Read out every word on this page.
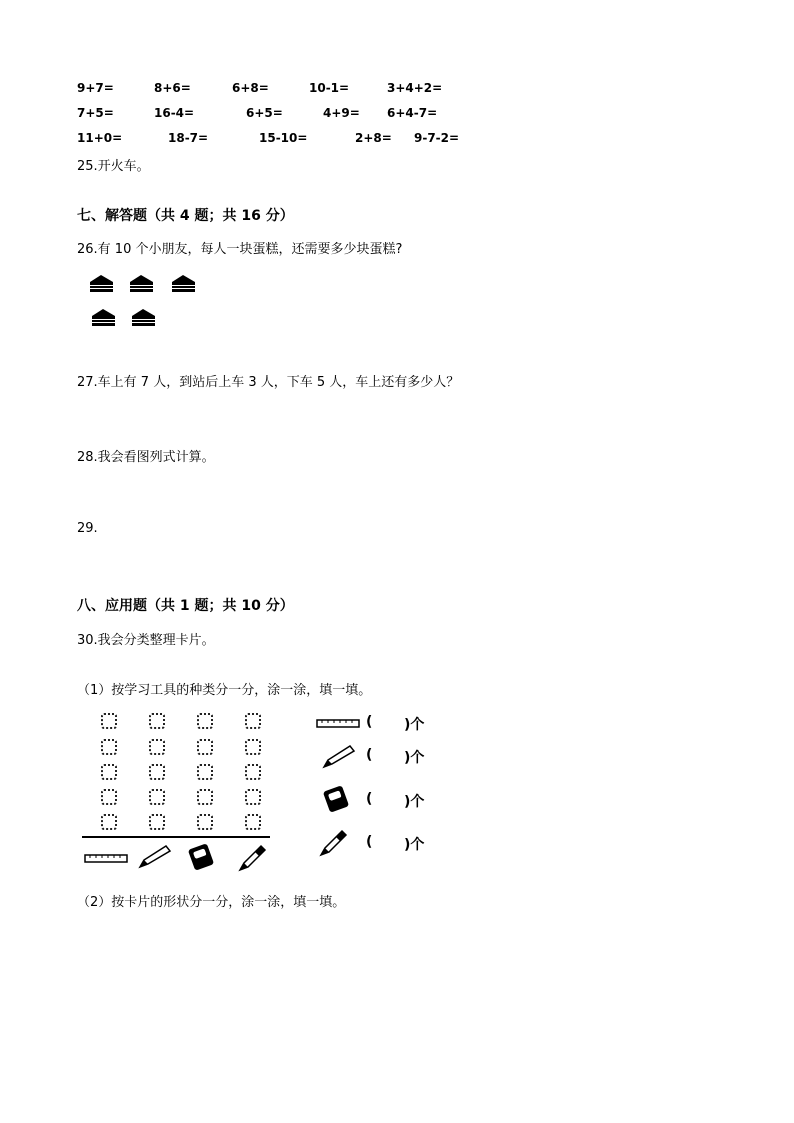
9+7=	8+6=	6+8=	10-1=	3+4+2=
7+5=	16-4=	6+5=	4+9= 6+4-7=
11+0=	18-7=	15-10=	2+8= 9-7-2=
25.开火车。
七、解答题（共 4 题；共 16 分）
26.有 10 个小朋友，每人一块蛋糕，还需要多少块蛋糕?
27.车上有 7 人，到站后上车 3 人，下车 5 人，车上还有多少人？
28.我会看图列式计算。
29.
八、应用题（共 1 题；共 10 分）
30.我会分类整理卡片。
（1）按学习工具的种类分一分，涂一涂，填一填。
( )个
( )个
( )个
( )个
（2）按卡片的形状分一分，涂一涂，填一填。
